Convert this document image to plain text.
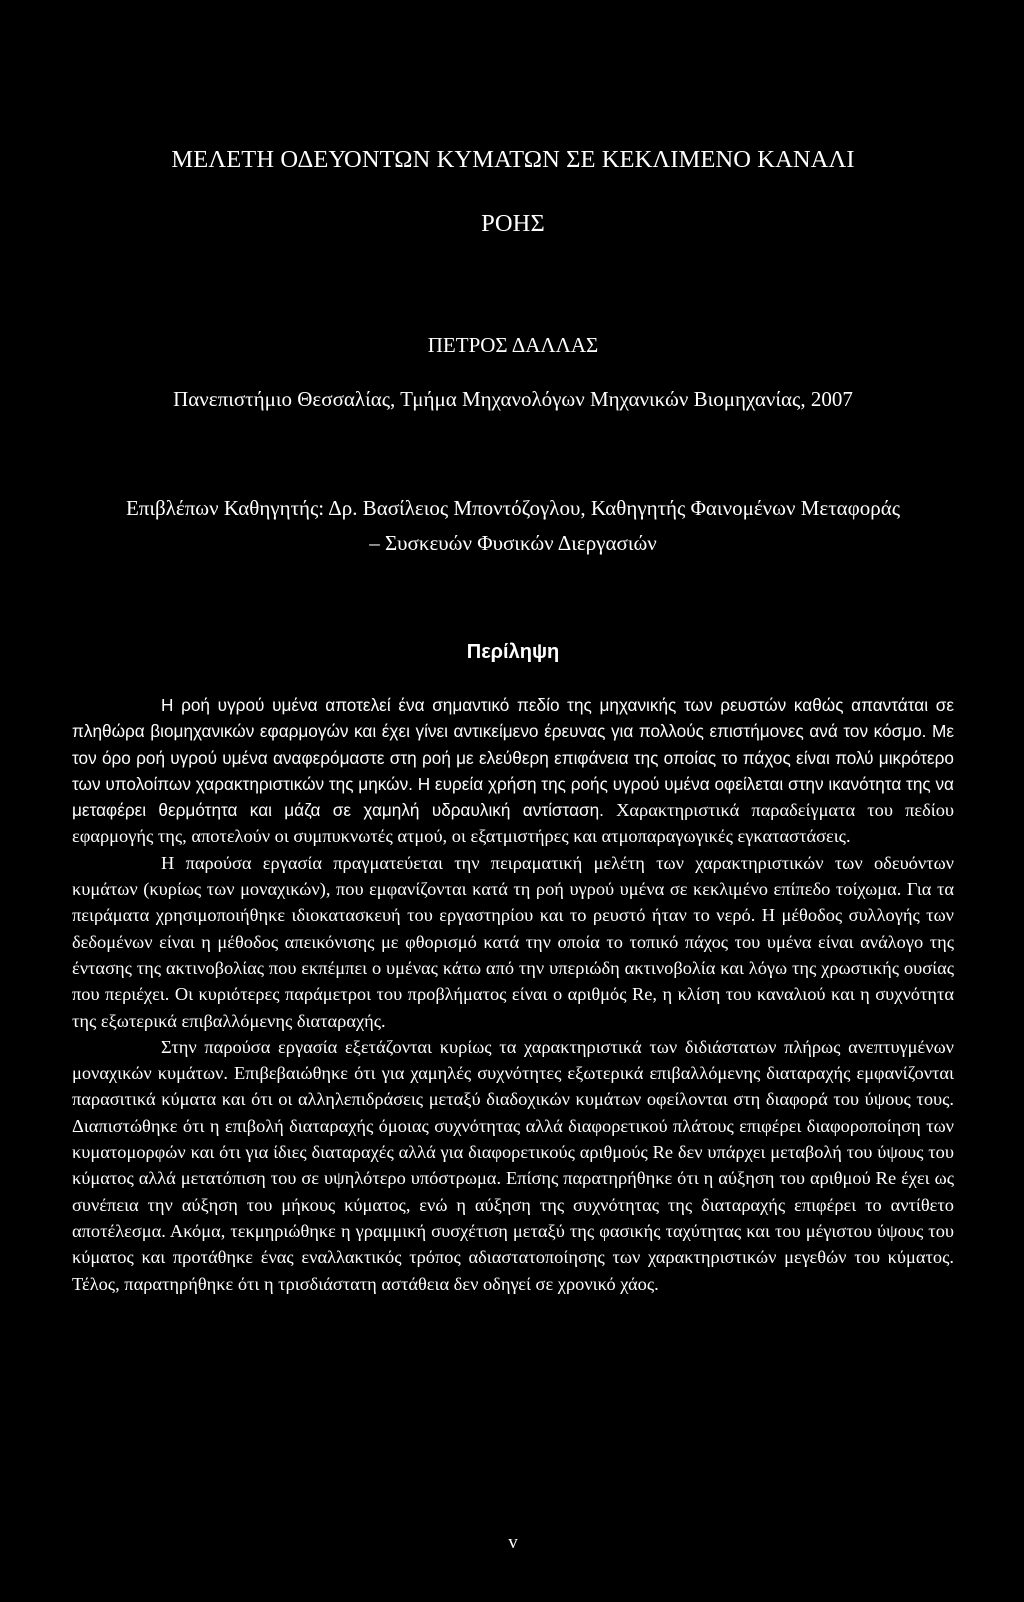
ΜΕΛΕΤΗ ΟΔΕΥΟΝΤΩΝ ΚΥΜΑΤΩΝ ΣΕ ΚΕΚΛΙΜΕΝΟ ΚΑΝΑΛΙ
ΡΟΗΣ

ΠΕΤΡΟΣ ΔΑΛΛΑΣ

Πανεπιστήμιο Θεσσαλίας, Τμήμα Μηχανολόγων Μηχανικών Βιομηχανίας, 2007

Επιβλέπων Καθηγητής: Δρ. Βασίλειος Μποντόζογλου, Καθηγητής Φαινομένων Μεταφοράς
– Συσκευών Φυσικών Διεργασιών

Περίληψη

Η ροή υγρού υμένα αποτελεί ένα σημαντικό πεδίο της μηχανικής των ρευστών καθώς απαντάται σε πληθώρα βιομηχανικών εφαρμογών και έχει γίνει αντικείμενο έρευνας για πολλούς επιστήμονες ανά τον κόσμο. Με τον όρο ροή υγρού υμένα αναφερόμαστε στη ροή με ελεύθερη επιφάνεια της οποίας το πάχος είναι πολύ μικρότερο των υπολοίπων χαρακτηριστικών της μηκών. Η ευρεία χρήση της ροής υγρού υμένα οφείλεται στην ικανότητα της να μεταφέρει θερμότητα και μάζα σε χαμηλή υδραυλική αντίσταση. Χαρακτηριστικά παραδείγματα του πεδίου εφαρμογής της, αποτελούν οι συμπυκνωτές ατμού, οι εξατμιστήρες και ατμοπαραγωγικές εγκαταστάσεις.

Η παρούσα εργασία πραγματεύεται την πειραματική μελέτη των χαρακτηριστικών των οδευόντων κυμάτων (κυρίως των μοναχικών), που εμφανίζονται κατά τη ροή υγρού υμένα σε κεκλιμένο επίπεδο τοίχωμα. Για τα πειράματα χρησιμοποιήθηκε ιδιοκατασκευή του εργαστηρίου και το ρευστό ήταν το νερό. Η μέθοδος συλλογής των δεδομένων είναι η μέθοδος απεικόνισης με φθορισμό κατά την οποία το τοπικό πάχος του υμένα είναι ανάλογο της έντασης της ακτινοβολίας που εκπέμπει ο υμένας κάτω από την υπεριώδη ακτινοβολία και λόγω της χρωστικής ουσίας που περιέχει. Οι κυριότερες παράμετροι του προβλήματος είναι ο αριθμός Re, η κλίση του καναλιού και η συχνότητα της εξωτερικά επιβαλλόμενης διαταραχής.

Στην παρούσα εργασία εξετάζονται κυρίως τα χαρακτηριστικά των διδιάστατων πλήρως ανεπτυγμένων μοναχικών κυμάτων. Επιβεβαιώθηκε ότι για χαμηλές συχνότητες εξωτερικά επιβαλλόμενης διαταραχής εμφανίζονται παρασιτικά κύματα και ότι οι αλληλεπιδράσεις μεταξύ διαδοχικών κυμάτων οφείλονται στη διαφορά του ύψους τους. Διαπιστώθηκε ότι η επιβολή διαταραχής όμοιας συχνότητας αλλά διαφορετικού πλάτους επιφέρει διαφοροποίηση των κυματομορφών και ότι για ίδιες διαταραχές αλλά για διαφορετικούς αριθμούς Re δεν υπάρχει μεταβολή του ύψους του κύματος αλλά μετατόπιση του σε υψηλότερο υπόστρωμα. Επίσης παρατηρήθηκε ότι η αύξηση του αριθμού Re έχει ως συνέπεια την αύξηση του μήκους κύματος, ενώ η αύξηση της συχνότητας της διαταραχής επιφέρει το αντίθετο αποτέλεσμα. Ακόμα, τεκμηριώθηκε η γραμμική συσχέτιση μεταξύ της φασικής ταχύτητας και του μέγιστου ύψους του κύματος και προτάθηκε ένας εναλλακτικός τρόπος αδιαστατοποίησης των χαρακτηριστικών μεγεθών του κύματος. Τέλος, παρατηρήθηκε ότι η τρισδιάστατη αστάθεια δεν οδηγεί σε χρονικό χάος.

v
